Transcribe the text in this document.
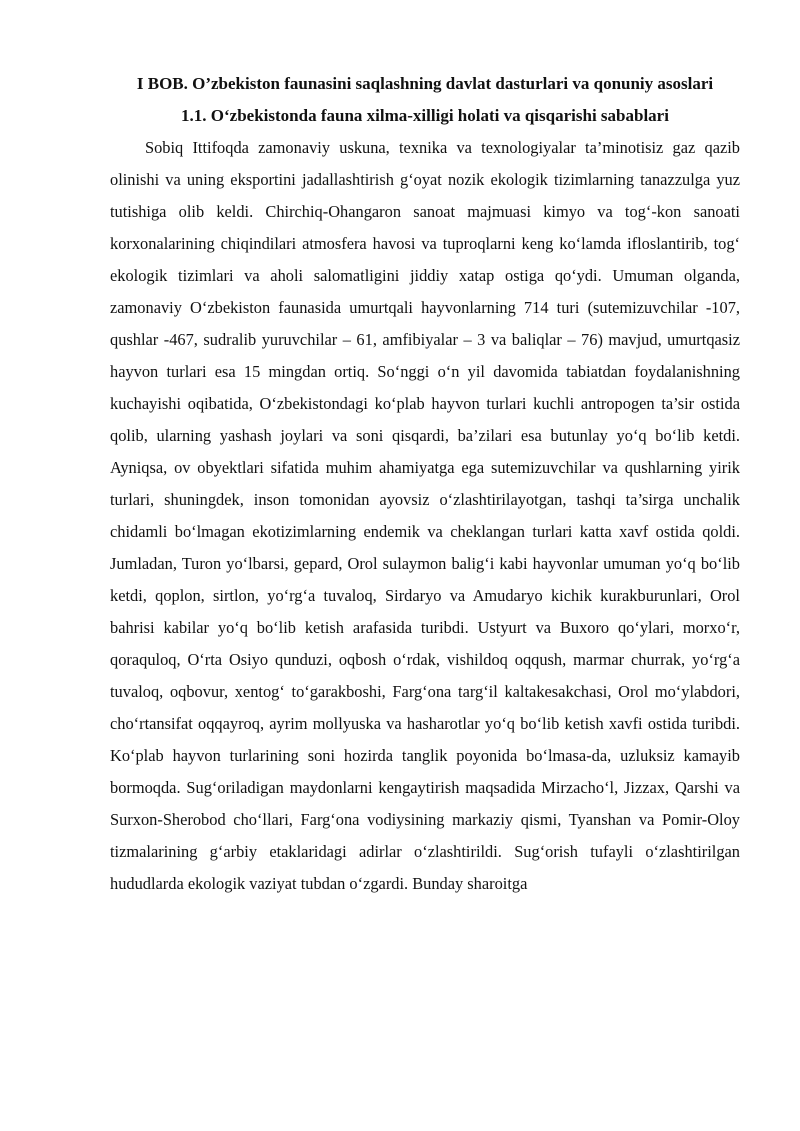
I BOB. O’zbekiston faunasini saqlashning davlat dasturlari va qonuniy asoslari
1.1. O‘zbekistonda fauna xilma-xilligi holati va qisqarishi sabablari

Sobiq Ittifoqda zamonaviy uskuna, texnika va texnologiyalar ta’minotisiz gaz qazib olinishi va uning eksportini jadallashtirish g‘oyat nozik ekologik tizimlarning tanazzulga yuz tutishiga olib keldi. Chirchiq-Ohangaron sanoat majmuasi kimyo va tog‘-kon sanoati korxonalarining chiqindilari atmosfera havosi va tuproqlarni keng ko‘lamda ifloslantirib, tog‘ ekologik tizimlari va aholi salomatligini jiddiy xatap ostiga qo‘ydi. Umuman olganda, zamonaviy O‘zbekiston faunasida umurtqali hayvonlarning 714 turi (sutemizuvchilar -107, qushlar -467, sudralib yuruvchilar – 61, amfibiyalar – 3 va baliqlar – 76) mavjud, umurtqasiz hayvon turlari esa 15 mingdan ortiq. So‘nggi o‘n yil davomida tabiatdan foydalanishning kuchayishi oqibatida, O‘zbekistondagi ko‘plab hayvon turlari kuchli antropogen ta’sir ostida qolib, ularning yashash joylari va soni qisqardi, ba’zilari esa butunlay yo‘q bo‘lib ketdi. Ayniqsa, ov obyektlari sifatida muhim ahamiyatga ega sutemizuvchilar va qushlarning yirik turlari, shuningdek, inson tomonidan ayovsiz o‘zlashtirilayotgan, tashqi ta’sirga unchalik chidamli bo‘lmagan ekotizimlarning endemik va cheklangan turlari katta xavf ostida qoldi. Jumladan, Turon yo‘lbarsi, gepard, Orol sulaymon balig‘i kabi hayvonlar umuman yo‘q bo‘lib ketdi, qoplon, sirtlon, yo‘rg‘a tuvaloq, Sirdaryo va Amudaryo kichik kurakburunlari, Orol bahrisi kabilar yo‘q bo‘lib ketish arafasida turibdi. Ustyurt va Buxoro qo‘ylari, morxo‘r, qoraquloq, O‘rta Osiyo qunduzi, oqbosh o‘rdak, vishildoq oqqush, marmar churrak, yo‘rg‘a tuvaloq, oqbovur, xentog‘ to‘garakboshi, Farg‘ona targ‘il kaltakesakchasi, Orol mo‘ylabdori, cho‘rtansifat oqqayroq, ayrim mollyuska va hasharotlar yo‘q bo‘lib ketish xavfi ostida turibdi. Ko‘plab hayvon turlarining soni hozirda tanglik poyonida bo‘lmasa-da, uzluksiz kamayib bormoqda. Sug‘oriladigan maydonlarni kengaytirish maqsadida Mirzacho‘l, Jizzax, Qarshi va Surxon-Sherobod cho‘llari, Farg‘ona vodiysining markaziy qismi, Tyanshan va Pomir-Oloy tizmalarining g‘arbiy etaklaridagi adirlar o‘zlashtirildi. Sug‘orish tufayli o‘zlashtirilgan hududlarda ekologik vaziyat tubdan o‘zgardi. Bunday sharoitga
